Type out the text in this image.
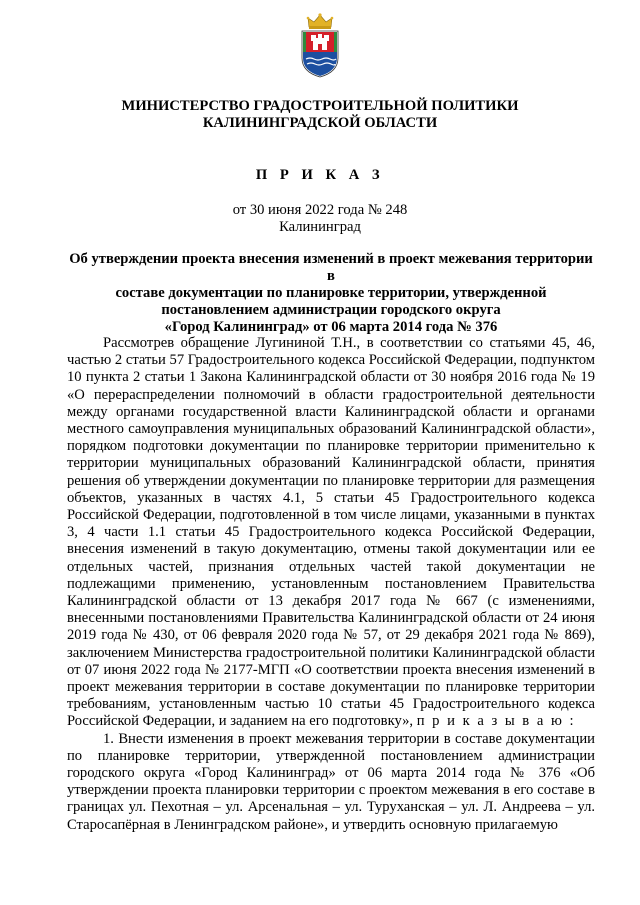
МИНИСТЕРСТВО ГРАДОСТРОИТЕЛЬНОЙ ПОЛИТИКИ
КАЛИНИНГРАДСКОЙ ОБЛАСТИ
П Р И К А З
от 30 июня 2022 года № 248
Калининград
Об утверждении проекта внесения изменений в проект межевания территории в
составе документации по планировке территории, утвержденной
постановлением администрации городского округа
«Город Калининград» от 06 марта 2014 года № 376

Рассмотрев обращение Лугининой Т.Н., в соответствии со статьями 45, 46, частью 2 статьи 57 Градостроительного кодекса Российской Федерации, подпунктом 10 пункта 2 статьи 1 Закона Калининградской области от 30 ноября 2016 года № 19 «О перераспределении полномочий в области градостроительной деятельности между органами государственной власти Калининградской области и органами местного самоуправления муниципальных образований Калининградской области», порядком подготовки документации по планировке территории применительно к территории муниципальных образований Калининградской области, принятия решения об утверждении документации по планировке территории для размещения объектов, указанных в частях 4.1, 5 статьи 45 Градостроительного кодекса Российской Федерации, подготовленной в том числе лицами, указанными в пунктах 3, 4 части 1.1 статьи 45 Градостроительного кодекса Российской Федерации, внесения изменений в такую документацию, отмены такой документации или ее отдельных частей, признания отдельных частей такой документации не подлежащими применению, установленным постановлением Правительства Калининградской области от 13 декабря 2017 года № 667 (с изменениями, внесенными постановлениями Правительства Калининградской области от 24 июня 2019 года № 430, от 06 февраля 2020 года № 57, от 29 декабря 2021 года № 869), заключением Министерства градостроительной политики Калининградской области от 07 июня 2022 года № 2177-МГП «О соответствии проекта внесения изменений в проект межевания территории в составе документации по планировке территории требованиям, установленным частью 10 статьи 45 Градостроительного кодекса Российской Федерации, и заданием на его подготовку», п р и к а з ы в а ю :

1. Внести изменения в проект межевания территории в составе документации по планировке территории, утвержденной постановлением администрации городского округа «Город Калининград» от 06 марта 2014 года № 376 «Об утверждении проекта планировки территории с проектом межевания в его составе в границах ул. Пехотная – ул. Арсенальная – ул. Туруханская – ул. Л. Андреева – ул. Старосапёрная в Ленинградском районе», и утвердить основную прилагаемую
